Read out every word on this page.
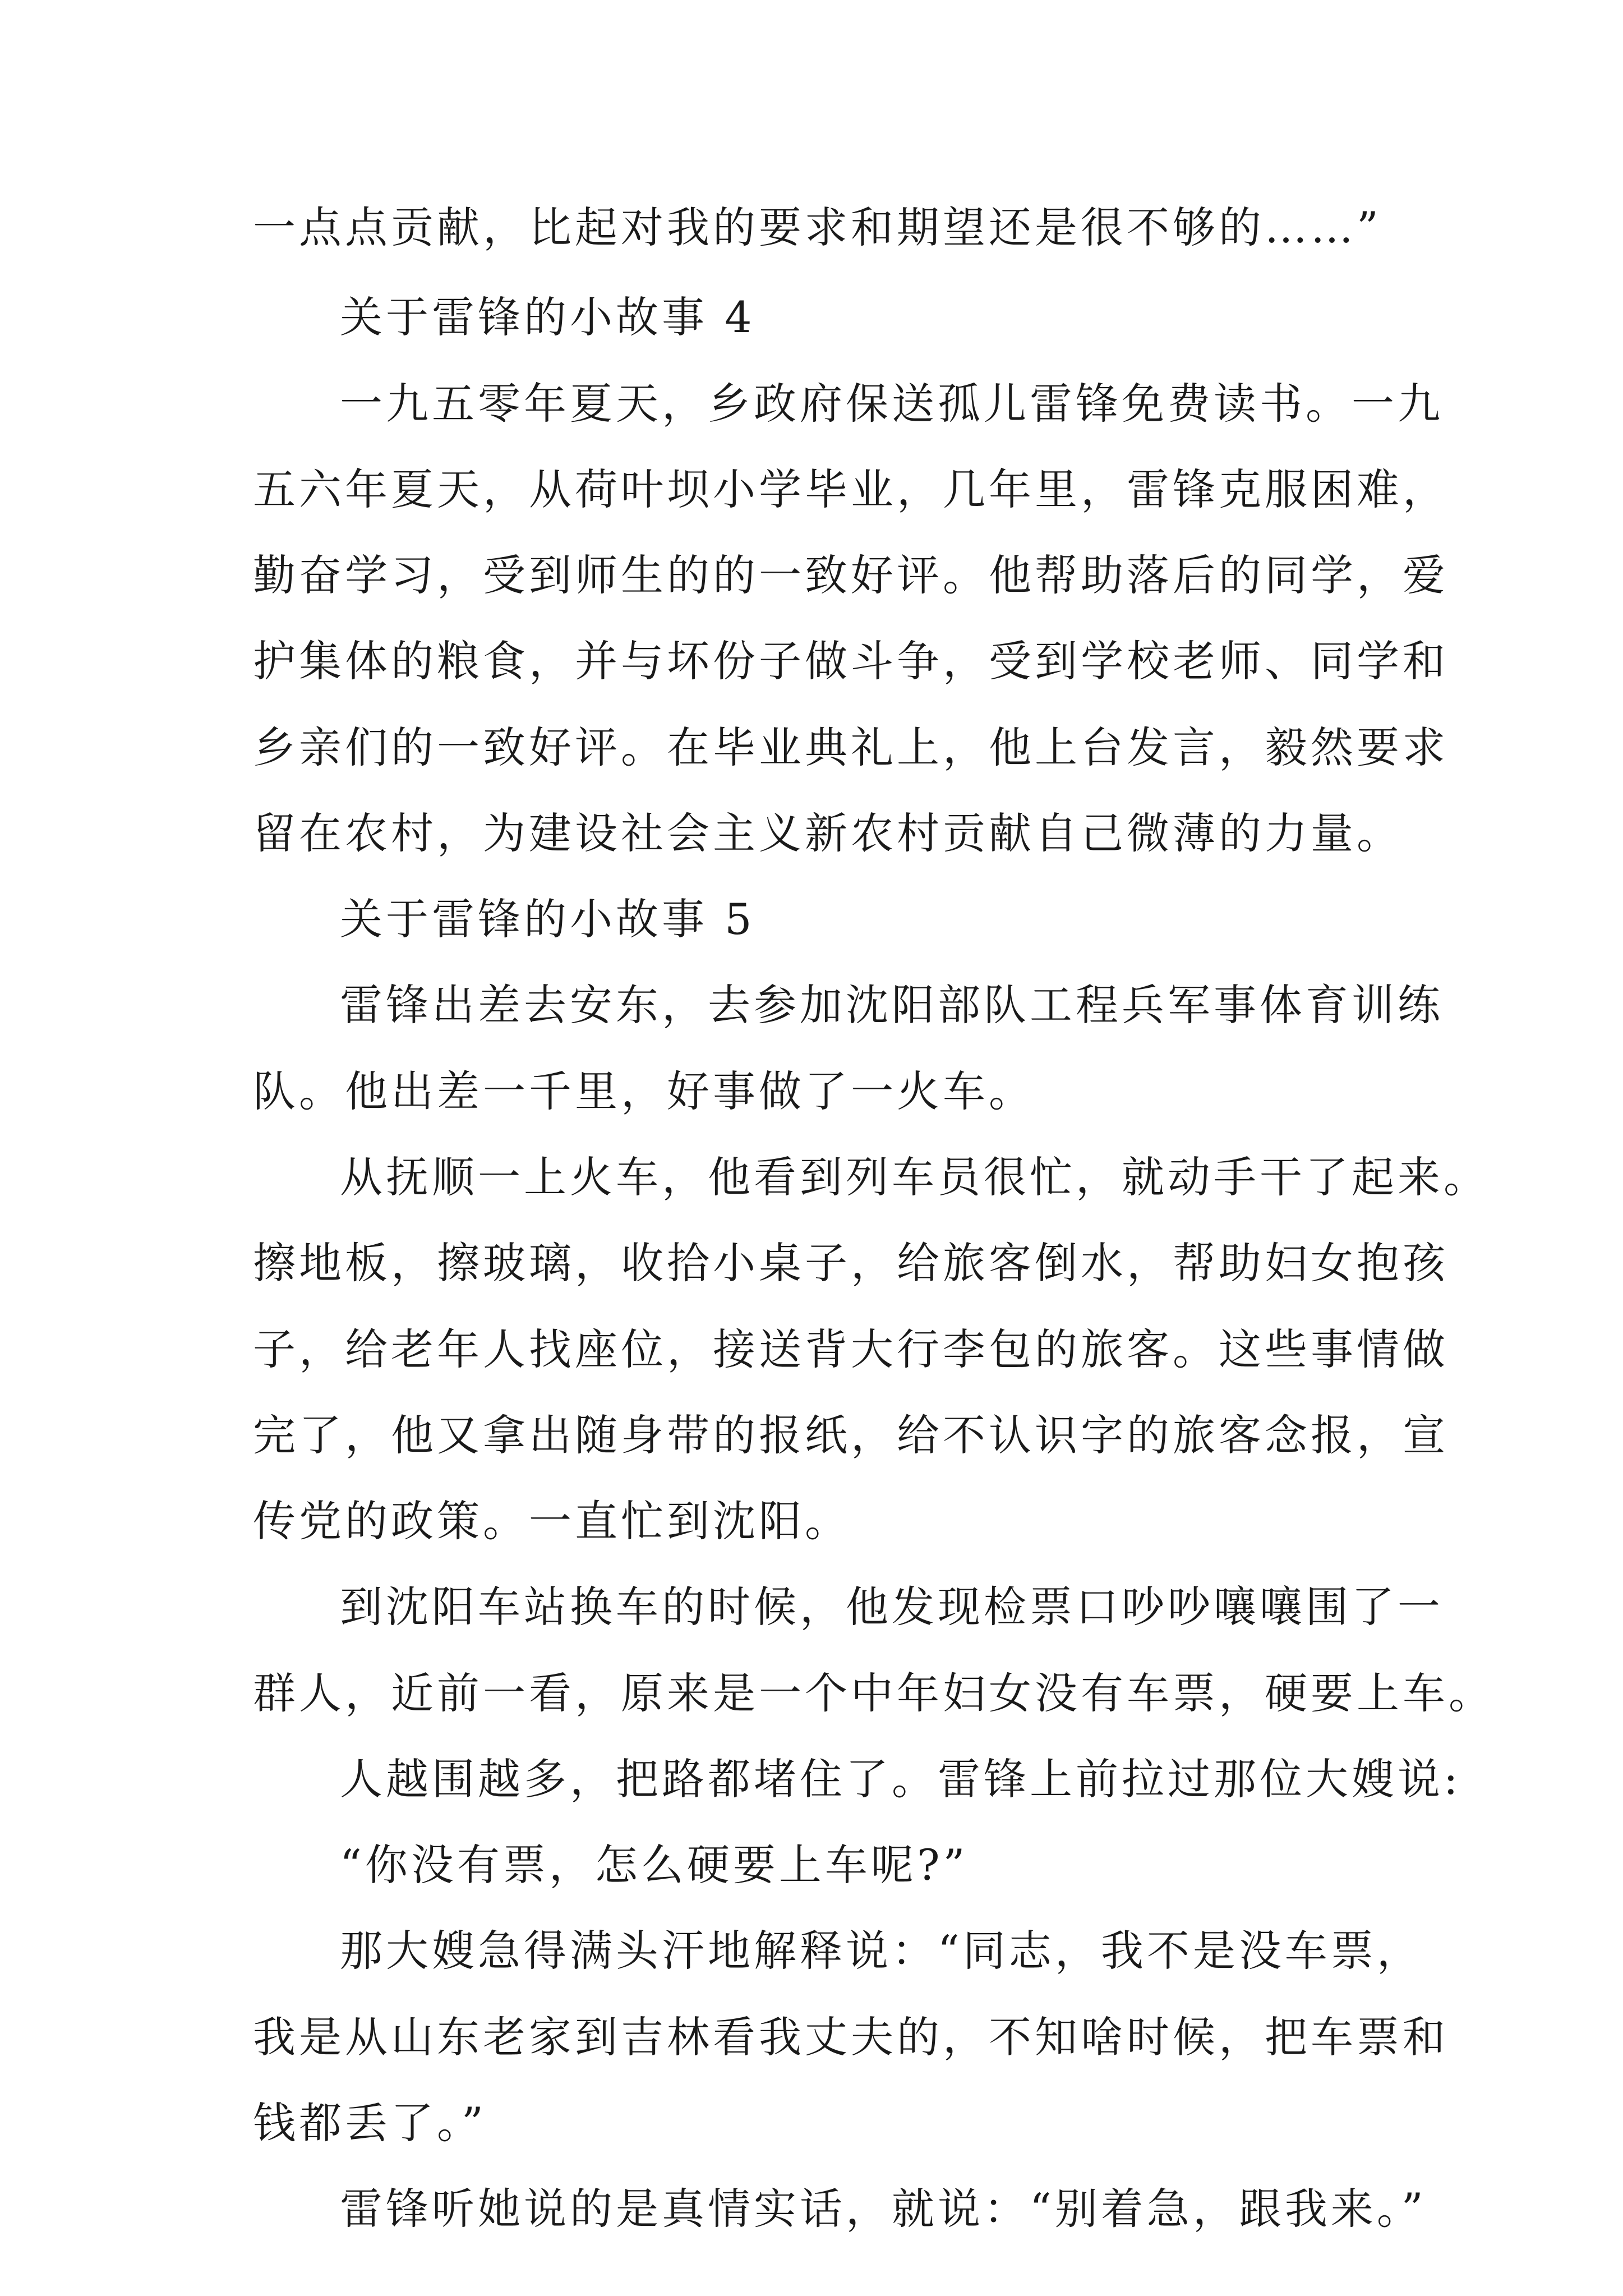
一点点贡献，比起对我的要求和期望还是很不够的……”
关于雷锋的小故事 4
一九五零年夏天，乡政府保送孤儿雷锋免费读书。一九
五六年夏天，从荷叶坝小学毕业，几年里，雷锋克服困难，
勤奋学习，受到师生的的一致好评。他帮助落后的同学，爱
护集体的粮食，并与坏份子做斗争，受到学校老师、同学和
乡亲们的一致好评。在毕业典礼上，他上台发言，毅然要求
留在农村，为建设社会主义新农村贡献自己微薄的力量。
关于雷锋的小故事 5
雷锋出差去安东，去参加沈阳部队工程兵军事体育训练
队。他出差一千里，好事做了一火车。
从抚顺一上火车，他看到列车员很忙，就动手干了起来。
擦地板，擦玻璃，收拾小桌子，给旅客倒水，帮助妇女抱孩
子，给老年人找座位，接送背大行李包的旅客。这些事情做
完了，他又拿出随身带的报纸，给不认识字的旅客念报，宣
传党的政策。一直忙到沈阳。
到沈阳车站换车的时候，他发现检票口吵吵嚷嚷围了一
群人，近前一看，原来是一个中年妇女没有车票，硬要上车。
人越围越多，把路都堵住了。雷锋上前拉过那位大嫂说:
“你没有票，怎么硬要上车呢?”
那大嫂急得满头汗地解释说：“同志，我不是没车票，
我是从山东老家到吉林看我丈夫的，不知啥时候，把车票和
钱都丢了。”
雷锋听她说的是真情实话，就说：“别着急，跟我来。”
